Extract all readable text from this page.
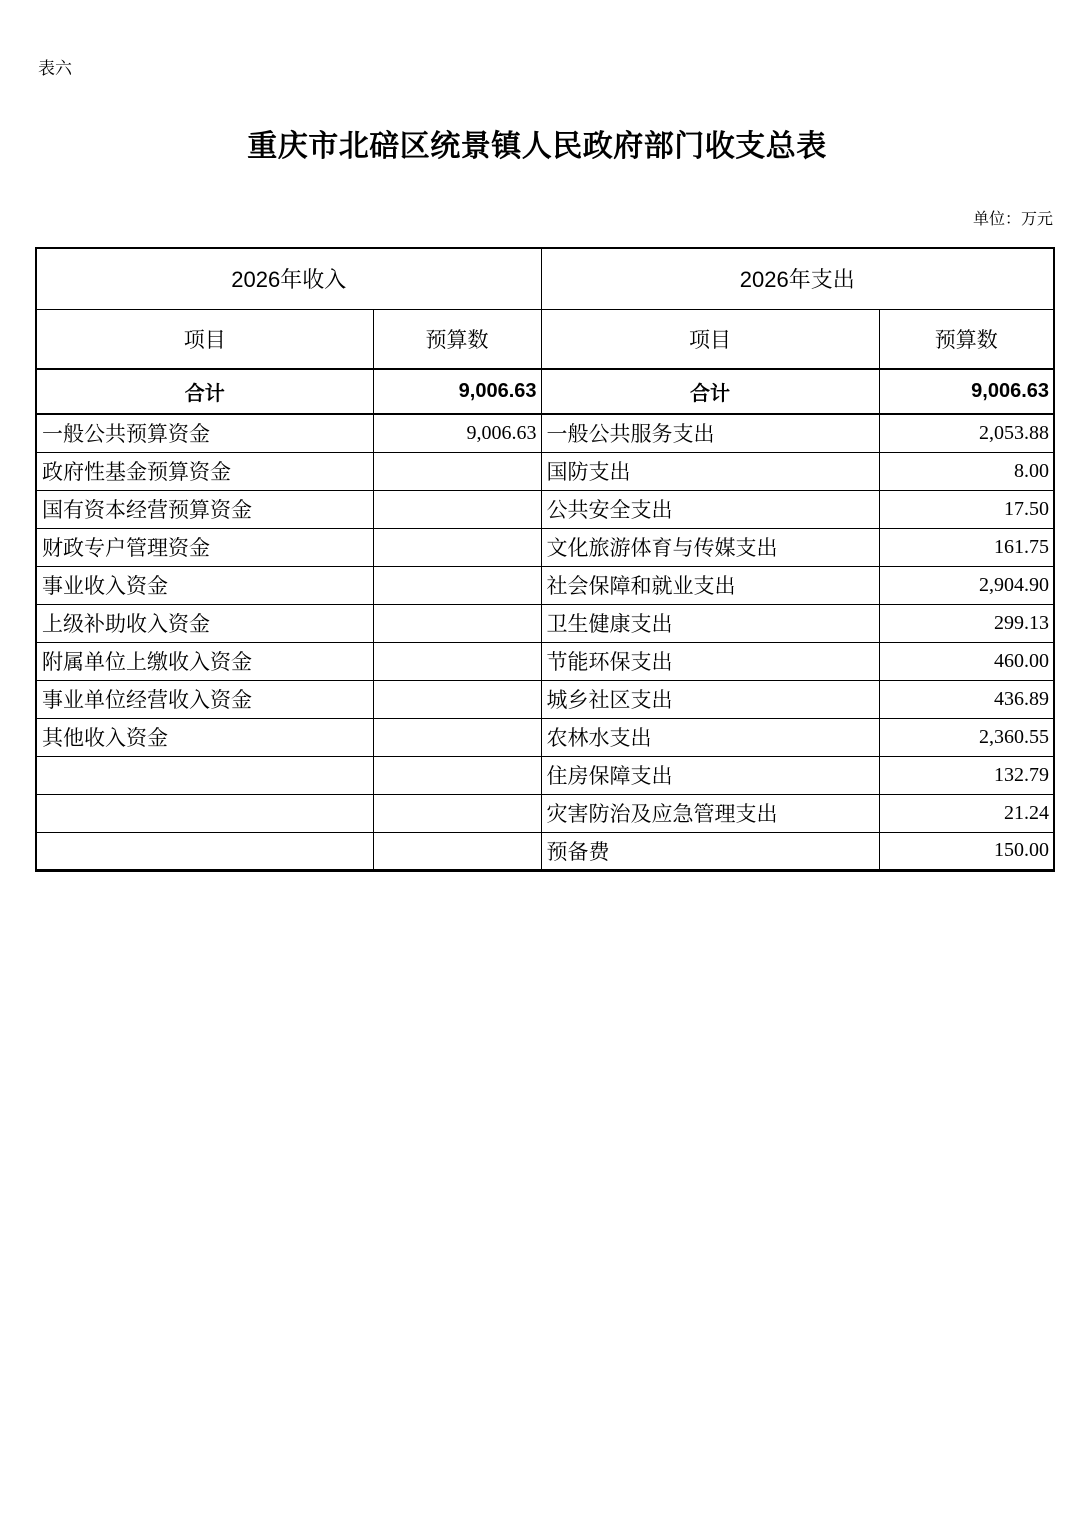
表六
重庆市北碚区统景镇人民政府部门收支总表
单位：万元
2026年收入		2026年支出	
项目	预算数	项目	预算数
合计	9,006.63	合计	9,006.63
一般公共预算资金	9,006.63	一般公共服务支出	2,053.88
政府性基金预算资金		国防支出	8.00
国有资本经营预算资金		公共安全支出	17.50
财政专户管理资金		文化旅游体育与传媒支出	161.75
事业收入资金		社会保障和就业支出	2,904.90
上级补助收入资金		卫生健康支出	299.13
附属单位上缴收入资金		节能环保支出	460.00
事业单位经营收入资金		城乡社区支出	436.89
其他收入资金		农林水支出	2,360.55
		住房保障支出	132.79
		灾害防治及应急管理支出	21.24
		预备费	150.00
